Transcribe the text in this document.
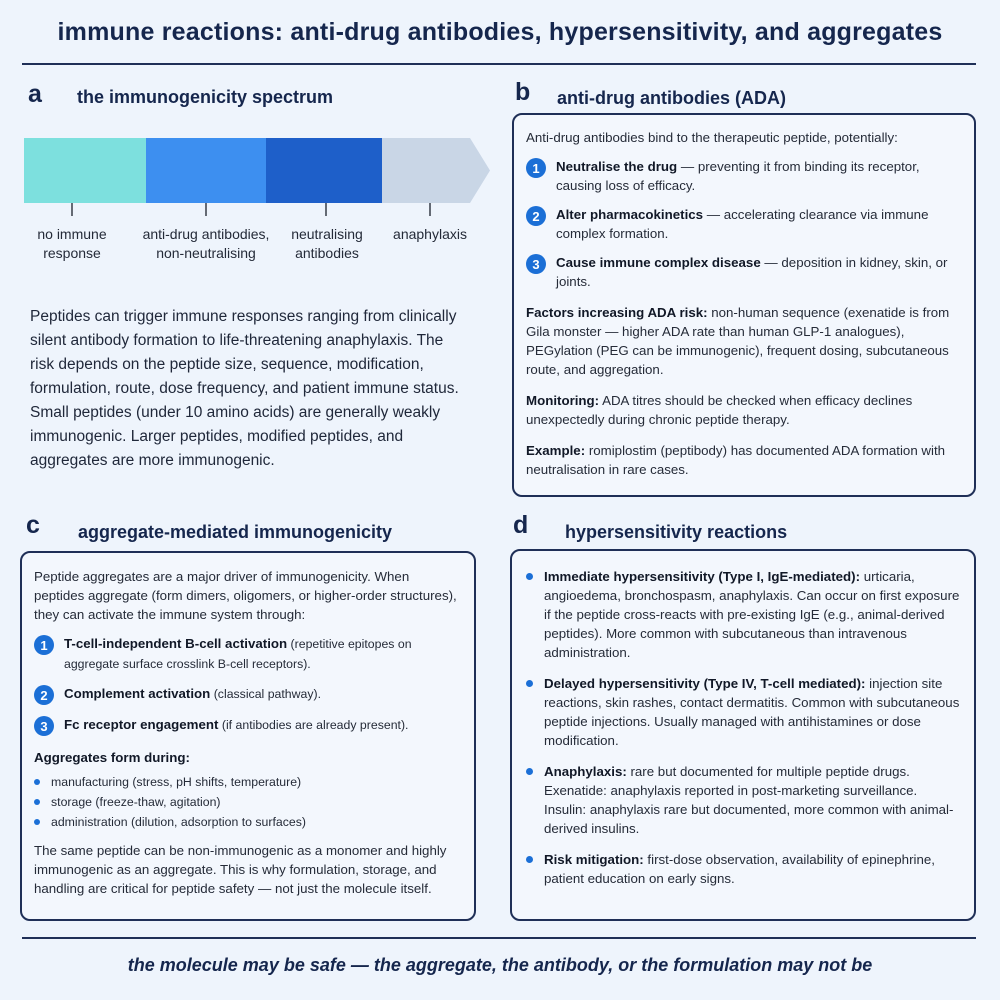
immune reactions: anti-drug antibodies, hypersensitivity, and aggregates
a the immunogenicity spectrum
no immune
response
anti-drug antibodies,
non-neutralising
neutralising
antibodies
anaphylaxis
Peptides can trigger immune responses ranging from clinically silent antibody formation to life-threatening anaphylaxis. The risk depends on the peptide size, sequence, modification, formulation, route, dose frequency, and patient immune status. Small peptides (under 10 amino acids) are generally weakly immunogenic. Larger peptides, modified peptides, and aggregates are more immunogenic.
b anti-drug antibodies (ADA)

Anti-drug antibodies bind to the therapeutic peptide, potentially:

1	Neutralise the drug — preventing it from binding its receptor, causing loss of efficacy.

2	Alter pharmacokinetics — accelerating clearance via immune complex formation.

3	Cause immune complex disease — deposition in kidney, skin, or joints.

Factors increasing ADA risk: non-human sequence (exenatide is from Gila monster — higher ADA rate than human GLP-1 analogues), PEGylation (PEG can be immunogenic), frequent dosing, subcutaneous route, and aggregation.

Monitoring: ADA titres should be checked when efficacy declines unexpectedly during chronic peptide therapy.

Example: romiplostim (peptibody) has documented ADA formation with neutralisation in rare cases.

c aggregate-mediated immunogenicity

Peptide aggregates are a major driver of immunogenicity. When peptides aggregate (form dimers, oligomers, or higher-order structures), they can activate the immune system through:

1	T-cell-independent B-cell activation (repetitive epitopes on aggregate surface crosslink B-cell receptors).

2	Complement activation (classical pathway).

3	Fc receptor engagement (if antibodies are already present).

Aggregates form during:

manufacturing (stress, pH shifts, temperature)
storage (freeze-thaw, agitation)
administration (dilution, adsorption to surfaces)

The same peptide can be non-immunogenic as a monomer and highly immunogenic as an aggregate. This is why formulation, storage, and handling are critical for peptide safety — not just the molecule itself.

d hypersensitivity reactions

Immediate hypersensitivity (Type I, IgE-mediated): urticaria, angioedema, bronchospasm, anaphylaxis. Can occur on first exposure if the peptide cross-reacts with pre-existing IgE (e.g., animal-derived peptides). More common with subcutaneous than intravenous administration.

Delayed hypersensitivity (Type IV, T-cell mediated): injection site reactions, skin rashes, contact dermatitis. Common with subcutaneous peptide injections. Usually managed with antihistamines or dose modification.

Anaphylaxis: rare but documented for multiple peptide drugs. Exenatide: anaphylaxis reported in post-marketing surveillance. Insulin: anaphylaxis rare but documented, more common with animal-derived insulins.

Risk mitigation: first-dose observation, availability of epinephrine, patient education on early signs.

the molecule may be safe — the aggregate, the antibody, or the formulation may not be
